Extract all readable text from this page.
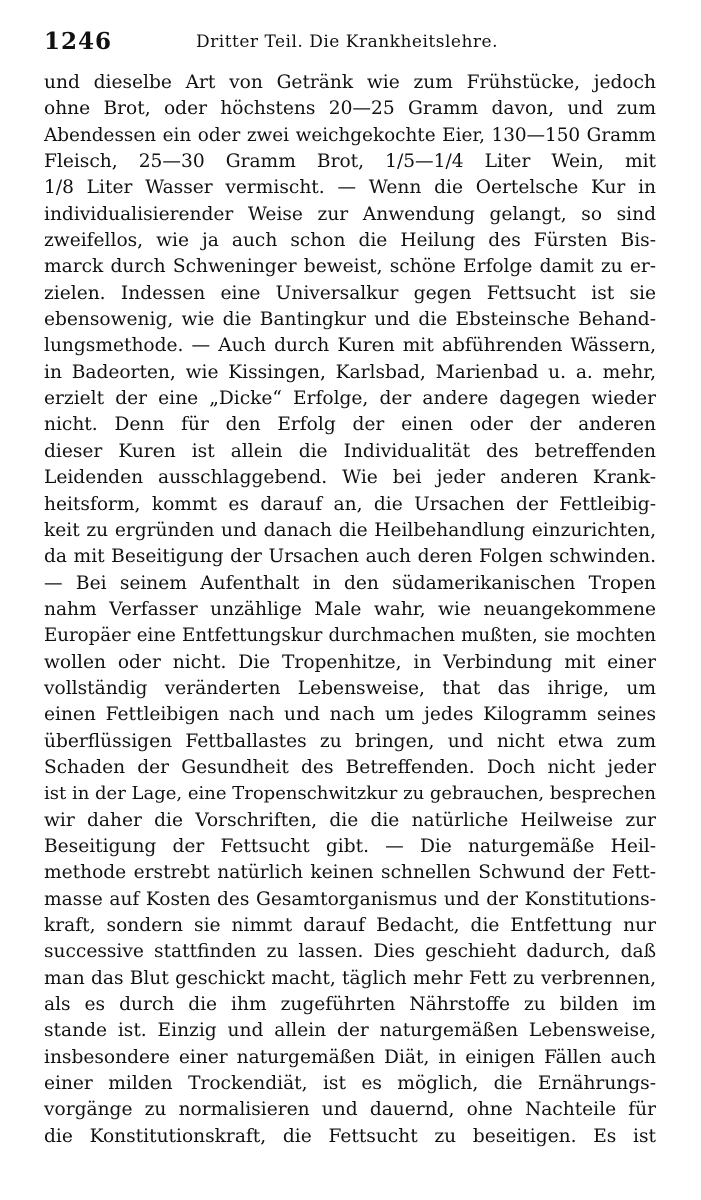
1246	Dritter Teil. Die Krankheitslehre.
und dieselbe Art von Getränk wie zum Frühstücke, jedoch
ohne Brot, oder höchstens 20—25 Gramm davon, und zum
Abendessen ein oder zwei weichgekochte Eier, 130—150 Gramm
Fleisch, 25—30 Gramm Brot, 1/5—1/4 Liter Wein, mit
1/8 Liter Wasser vermischt. — Wenn die Oertelsche Kur in
individualisierender Weise zur Anwendung gelangt, so sind
zweifellos, wie ja auch schon die Heilung des Fürsten Bis-
marck durch Schweninger beweist, schöne Erfolge damit zu er-
zielen. Indessen eine Universalkur gegen Fettsucht ist sie
ebensowenig, wie die Bantingkur und die Ebsteinsche Behand-
lungsmethode. — Auch durch Kuren mit abführenden Wässern,
in Badeorten, wie Kissingen, Karlsbad, Marienbad u. a. mehr,
erzielt der eine „Dicke“ Erfolge, der andere dagegen wieder
nicht. Denn für den Erfolg der einen oder der anderen
dieser Kuren ist allein die Individualität des betreffenden
Leidenden ausschlaggebend. Wie bei jeder anderen Krank-
heitsform, kommt es darauf an, die Ursachen der Fettleibig-
keit zu ergründen und danach die Heilbehandlung einzurichten,
da mit Beseitigung der Ursachen auch deren Folgen schwinden.
— Bei seinem Aufenthalt in den südamerikanischen Tropen
nahm Verfasser unzählige Male wahr, wie neuangekommene
Europäer eine Entfettungskur durchmachen mußten, sie mochten
wollen oder nicht. Die Tropenhitze, in Verbindung mit einer
vollständig veränderten Lebensweise, that das ihrige, um
einen Fettleibigen nach und nach um jedes Kilogramm seines
überflüssigen Fettballastes zu bringen, und nicht etwa zum
Schaden der Gesundheit des Betreffenden. Doch nicht jeder
ist in der Lage, eine Tropenschwitzkur zu gebrauchen, besprechen
wir daher die Vorschriften, die die natürliche Heilweise zur
Beseitigung der Fettsucht gibt. — Die naturgemäße Heil-
methode erstrebt natürlich keinen schnellen Schwund der Fett-
masse auf Kosten des Gesamtorganismus und der Konstitutions-
kraft, sondern sie nimmt darauf Bedacht, die Entfettung nur
successive stattfinden zu lassen. Dies geschieht dadurch, daß
man das Blut geschickt macht, täglich mehr Fett zu verbrennen,
als es durch die ihm zugeführten Nährstoffe zu bilden im
stande ist. Einzig und allein der naturgemäßen Lebensweise,
insbesondere einer naturgemäßen Diät, in einigen Fällen auch
einer milden Trockendiät, ist es möglich, die Ernährungs-
vorgänge zu normalisieren und dauernd, ohne Nachteile für
die Konstitutionskraft, die Fettsucht zu beseitigen. Es ist
